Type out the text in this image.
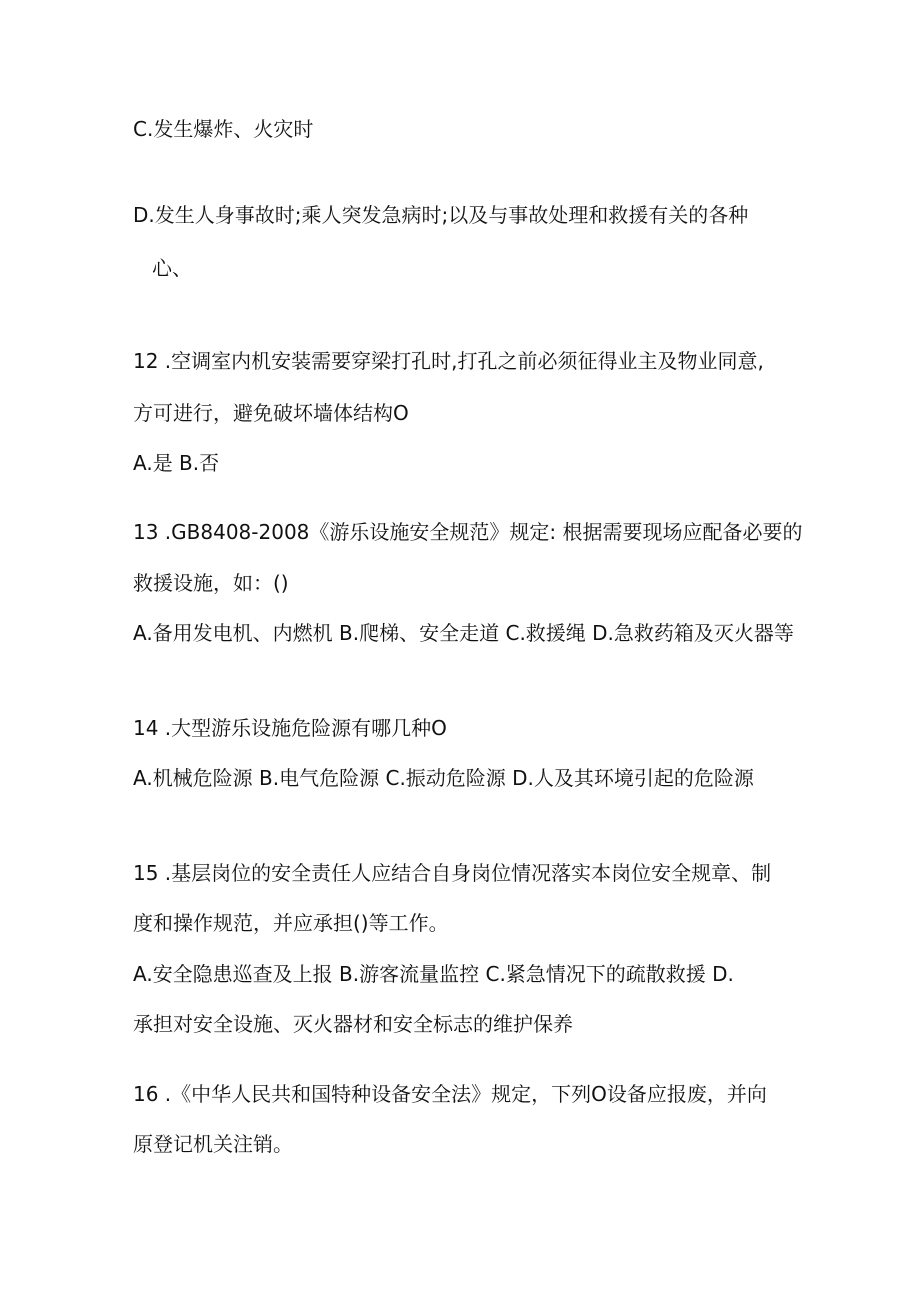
C.发生爆炸、火灾时
D.发生人身事故时;乘人突发急病时;以及与事故处理和救援有关的各种
心、
12 .空调室内机安装需要穿梁打孔时,打孔之前必须征得业主及物业同意,
方可进行，避免破坏墙体结构O
A.是 B.否
13 .GB8408-2008《游乐设施安全规范》规定: 根据需要现场应配备必要的
救援设施，如：()
A.备用发电机、内燃机 B.爬梯、安全走道 C.救援绳 D.急救药箱及灭火器等
14 .大型游乐设施危险源有哪几种O
A.机械危险源 B.电气危险源 C.振动危险源 D.人及其环境引起的危险源
15 .基层岗位的安全责任人应结合自身岗位情况落实本岗位安全规章、制
度和操作规范，并应承担()等工作。
A.安全隐患巡查及上报 B.游客流量监控 C.紧急情况下的疏散救援 D.
承担对安全设施、灭火器材和安全标志的维护保养
16 .《中华人民共和国特种设备安全法》规定，下列O设备应报废，并向
原登记机关注销。
